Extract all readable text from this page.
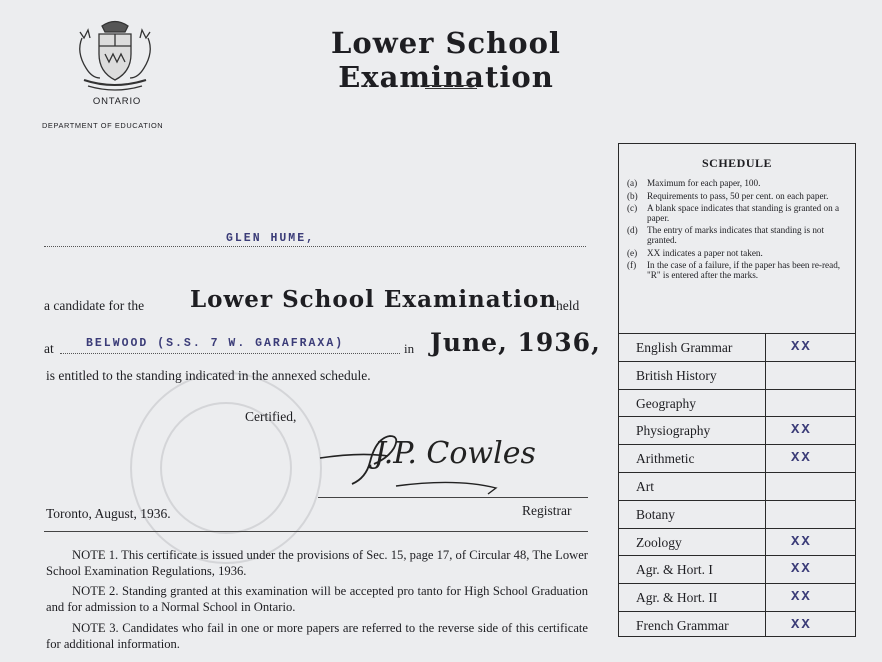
ONTARIO
DEPARTMENT OF EDUCATION
Lower School Examination
GLEN HUME,
a candidate for the Lower School Examination
held
at	BELWOOD (S.S. 7 W. GARAFRAXA)	in June, 1936,
is entitled to the standing indicated in the annexed schedule.
Certified,
J.P. Cowles
Toronto, August, 1936.	Registrar
NOTE 1. This certificate is issued under the provisions of Sec. 15, page 17, of Circular 48, The Lower School Examination Regulations, 1936.
NOTE 2. Standing granted at this examination will be accepted pro tanto for High School Graduation and for admission to a Normal School in Ontario.
NOTE 3. Candidates who fail in one or more papers are referred to the reverse side of this certificate for additional information.
SCHEDULE
(a)	Maximum for each paper, 100.
(b)	Requirements to pass, 50 per cent. on each paper.
(c)	A blank space indicates that standing is granted on a paper.
(d)	The entry of marks indicates that standing is not granted.
(e)	XX indicates a paper not taken.
(f)	In the case of a failure, if the paper has been re-read, "R" is entered after the marks.
English Grammar	XX
British History
Geography
Physiography	XX
Arithmetic	XX
Art
Botany
Zoology	XX
Agr. & Hort. I	XX
Agr. & Hort. II	XX
French Grammar	XX
